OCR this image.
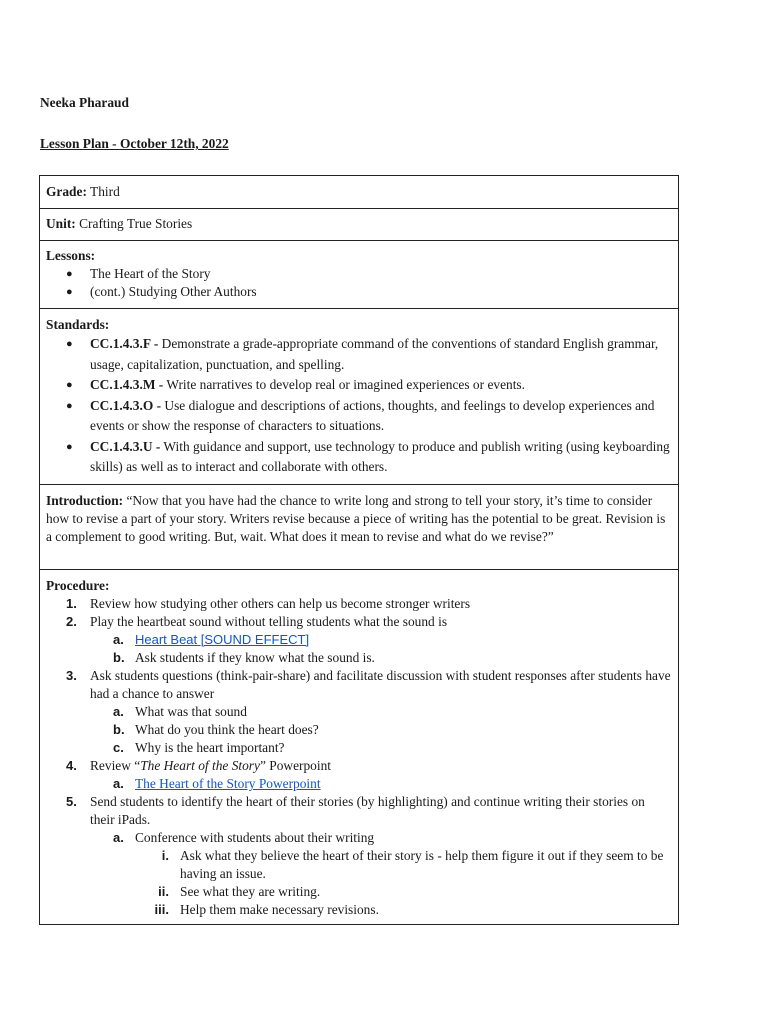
Neeka Pharaud
Lesson Plan - October 12th, 2022
Grade: Third
Unit: Crafting True Stories
Lessons:
● The Heart of the Story
● (cont.) Studying Other Authors
Standards:
● CC.1.4.3.F - Demonstrate a grade-appropriate command of the conventions of standard English grammar, usage, capitalization, punctuation, and spelling.
● CC.1.4.3.M - Write narratives to develop real or imagined experiences or events.
● CC.1.4.3.O - Use dialogue and descriptions of actions, thoughts, and feelings to develop experiences and events or show the response of characters to situations.
● CC.1.4.3.U - With guidance and support, use technology to produce and publish writing (using keyboarding skills) as well as to interact and collaborate with others.
Introduction: “Now that you have had the chance to write long and strong to tell your story, it’s time to consider how to revise a part of your story. Writers revise because a piece of writing has the potential to be great. Revision is a complement to good writing. But, wait. What does it mean to revise and what do we revise?”
Procedure:
1. Review how studying other others can help us become stronger writers
2. Play the heartbeat sound without telling students what the sound is
a. Heart Beat [SOUND EFFECT]
b. Ask students if they know what the sound is.
3. Ask students questions (think-pair-share) and facilitate discussion with student responses after students have had a chance to answer
a. What was that sound
b. What do you think the heart does?
c. Why is the heart important?
4. Review “The Heart of the Story” Powerpoint
a. The Heart of the Story Powerpoint
5. Send students to identify the heart of their stories (by highlighting) and continue writing their stories on their iPads.
a. Conference with students about their writing
i. Ask what they believe the heart of their story is - help them figure it out if they seem to be having an issue.
ii. See what they are writing.
iii. Help them make necessary revisions.
